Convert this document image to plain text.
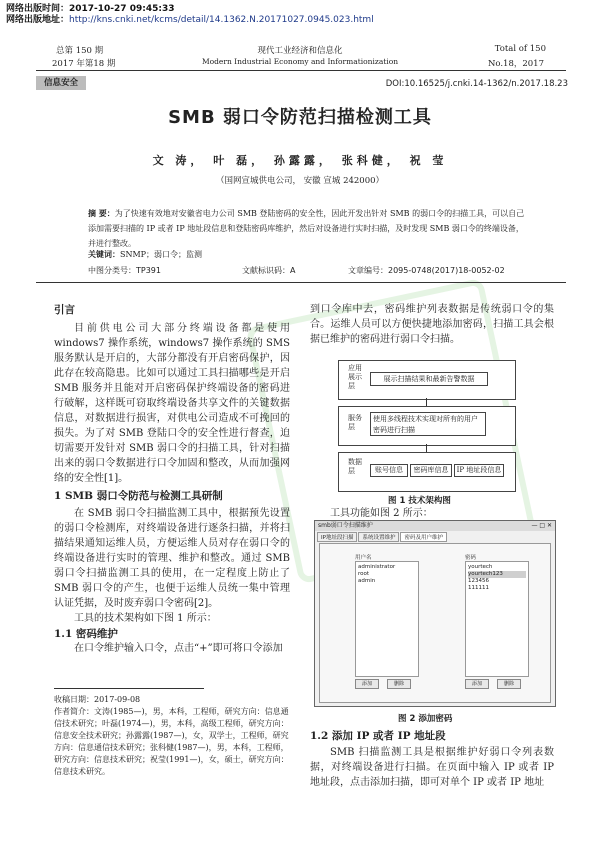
网络出版时间：2017-10-27 09:45:33
网络出版地址：http://kns.cnki.net/kcms/detail/14.1362.N.20171027.0945.023.html
总第 150 期
2017 年第18 期
现代工业经济和信息化
Modern Industrial Economy and Informationization
Total of 150
No.18，2017
信息安全	DOI:10.16525/j.cnki.14-1362/n.2017.18.23
SMB 弱口令防范扫描检测工具
文 涛， 叶 磊， 孙露露， 张科健， 祝 莹
（国网宣城供电公司， 安徽 宣城 242000）
摘 要：为了快速有效地对安徽省电力公司 SMB 登陆密码的安全性，因此开发出针对 SMB 的弱口令的扫描工具，可以自己添加需要扫描的 IP 或者 IP 地址段信息和登陆密码库维护，然后对设备进行实时扫描，及时发现 SMB 弱口令的终端设备，并进行整改。
关键词：SNMP；弱口令；监测
中图分类号：TP391	文献标识码：A	文章编号：2095-0748(2017)18-0052-02
引言

目前供电公司大部分终端设备都是使用 windows7 操作系统，windows7 操作系统的 SMS 服务默认是开启的，大部分都没有开启密码保护，因此存在较高隐患。比如可以通过工具扫描哪些是开启 SMB 服务并且能对开启密码保护终端设备的密码进行破解，这样既可窃取终端设备共享文件的关键数据信息，对数据进行损害，对供电公司造成不可挽回的损失。为了对 SMB 登陆口令的安全性进行督查，迫切需要开发针对 SMB 弱口令的扫描工具，针对扫描出来的弱口令数据进行口令加固和整改，从而加强网络的安全性[1]。

1 SMB 弱口令防范与检测工具研制

在 SMB 弱口令扫描监测工具中，根据预先设置的弱口令检测库，对终端设备进行逐条扫描，并将扫描结果通知运维人员，方便运维人员对存在弱口令的终端设备进行实时的管理、维护和整改。通过 SMB 弱口令扫描监测工具的使用，在一定程度上防止了 SMB 弱口令的产生，也便于运维人员统一集中管理认证凭据，及时废弃弱口令密码[2]。

工具的技术架构如下图 1 所示：

1.1 密码维护

在口令维护输入口令，点击“+”即可将口令添加

收稿日期：2017-09-08
作者简介：文涛(1985—)，男，本科，工程师，研究方向：信息通信技术研究；叶磊(1974—)，男，本科，高级工程师，研究方向：信息安全技术研究；孙露露(1987—)，女，双学士，工程师，研究方向：信息通信技术研究；张科健(1987—)，男，本科，工程师，研究方向：信息技术研究；祝莹(1991—)，女，硕士，研究方向：信息技术研究。

到口令库中去，密码维护列表数据是传统弱口令的集合。运维人员可以方便快捷地添加密码，扫描工具会根据已维护的密码进行弱口令扫描。

应用展示层
展示扫描结果和最新告警数据
服务层
使用多线程技术实现对所有的用户密码进行扫描
数据层	账号信息	密码库信息	IP 地址段信息
图 1 技术架构图
工具功能如图 2 所示：
smb弱口令扫描维护	— □ ✕
IP地址段扫描 系统设置维护 密码及用户维护
用户名
administrator
root
admin
添加	删除
密码
yourtech
yourtech123
123456
111111
添加	删除
图 2 添加密码
1.2 添加 IP 或者 IP 地址段

SMB 扫描监测工具是根据维护好弱口令列表数据，对终端设备进行扫描。在页面中输入 IP 或者 IP 地址段，点击添加扫描，即可对单个 IP 或者 IP 地址
